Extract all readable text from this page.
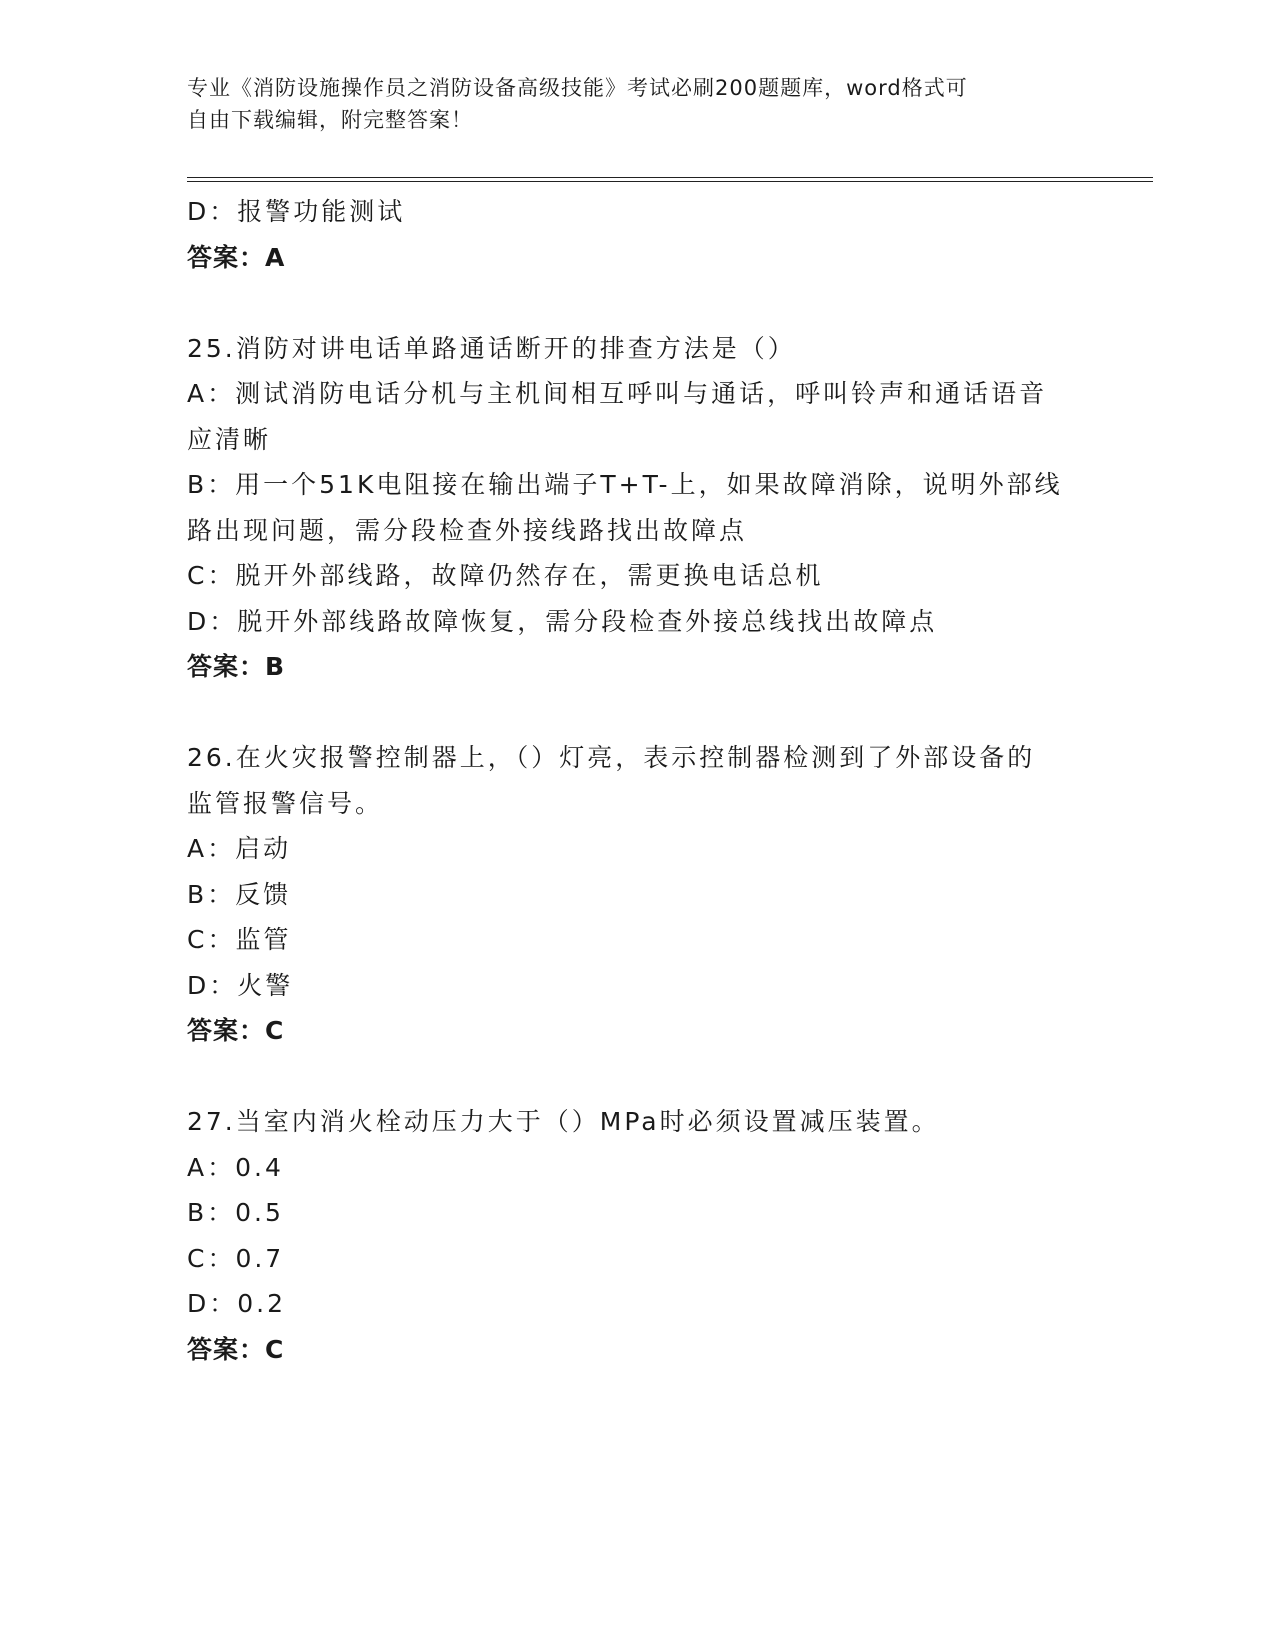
专业《消防设施操作员之消防设备高级技能》考试必刷200题题库，word格式可
自由下载编辑，附完整答案！
D：报警功能测试
答案：A
25.消防对讲电话单路通话断开的排查方法是（）
A：测试消防电话分机与主机间相互呼叫与通话，呼叫铃声和通话语音
应清晰
B：用一个51K电阻接在输出端子T+T-上，如果故障消除，说明外部线
路出现问题，需分段检查外接线路找出故障点
C：脱开外部线路，故障仍然存在，需更换电话总机
D：脱开外部线路故障恢复，需分段检查外接总线找出故障点
答案：B
26.在火灾报警控制器上，（）灯亮，表示控制器检测到了外部设备的
监管报警信号。
A：启动
B：反馈
C：监管
D：火警
答案：C
27.当室内消火栓动压力大于（）MPa时必须设置减压装置。
A：0.4
B：0.5
C：0.7
D：0.2
答案：C
